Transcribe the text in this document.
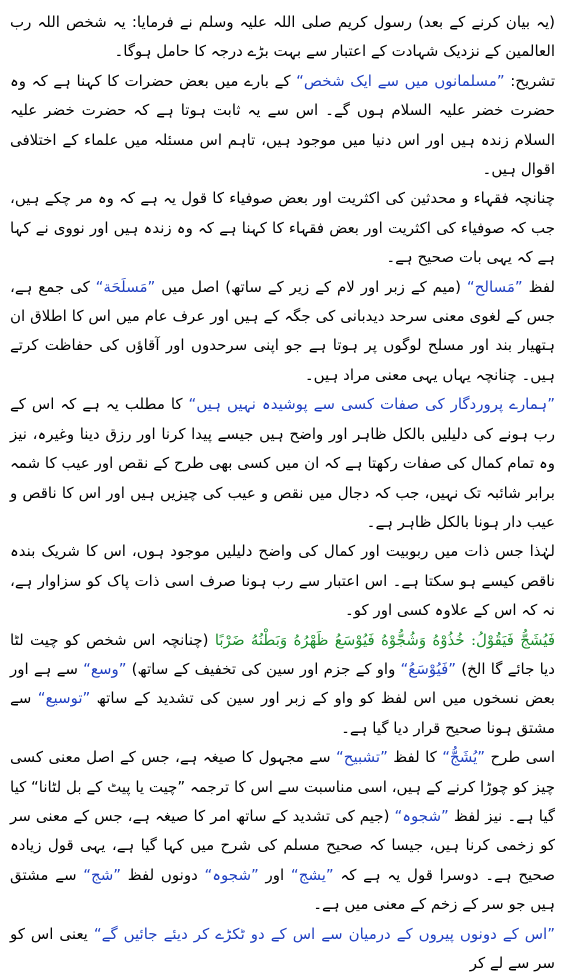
(یہ بیان کرنے کے بعد) رسول کریم صلی اللہ علیہ وسلم نے فرمایا: یہ شخص اللہ رب العالمین کے نزدیک شہادت کے اعتبار سے بہت بڑے درجہ کا حامل ہوگا۔

تشریح: ”مسلمانوں میں سے ایک شخص“ کے بارے میں بعض حضرات کا کہنا ہے کہ وہ حضرت خضر علیہ السلام ہوں گے۔ اس سے یہ ثابت ہوتا ہے کہ حضرت خضر علیہ السلام زندہ ہیں اور اس دنیا میں موجود ہیں، تاہم اس مسئلہ میں علماء کے اختلافی اقوال ہیں۔

چنانچہ فقہاء و محدثین کی اکثریت اور بعض صوفیاء کا قول یہ ہے کہ وہ مر چکے ہیں، جب کہ صوفیاء کی اکثریت اور بعض فقہاء کا کہنا ہے کہ وہ زندہ ہیں اور نووی نے کہا ہے کہ یہی بات صحیح ہے۔

لفظ ”مَسالح“ (میم کے زبر اور لام کے زیر کے ساتھ) اصل میں ”مَسلَحَة“ کی جمع ہے، جس کے لغوی معنی سرحد دیدبانی کی جگہ کے ہیں اور عرف عام میں اس کا اطلاق ان ہتھیار بند اور مسلح لوگوں پر ہوتا ہے جو اپنی سرحدوں اور آقاؤں کی حفاظت کرتے ہیں۔ چنانچہ یہاں یہی معنی مراد ہیں۔

”ہمارے پروردگار کی صفات کسی سے پوشیدہ نہیں ہیں“ کا مطلب یہ ہے کہ اس کے رب ہونے کی دلیلیں بالکل ظاہر اور واضح ہیں جیسے پیدا کرنا اور رزق دینا وغیرہ، نیز وہ تمام کمال کی صفات رکھتا ہے کہ ان میں کسی بھی طرح کے نقص اور عیب کا شمہ برابر شائبہ تک نہیں، جب کہ دجال میں نقص و عیب کی چیزیں ہیں اور اس کا ناقص و عیب دار ہونا بالکل ظاہر ہے۔

لہٰذا جس ذات میں ربوبیت اور کمال کی واضح دلیلیں موجود ہوں، اس کا شریک بندہ ناقص کیسے ہو سکتا ہے۔ اس اعتبار سے رب ہونا صرف اسی ذات پاک کو سزاوار ہے، نہ کہ اس کے علاوہ کسی اور کو۔

فَيُشَجُّ فَيَقُوْلُ: خُذُوْهُ وَشُجُّوْهُ فَيُوْسَعُ ظَهْرُهُ وَبَطْنُهُ ضَرْبًا (چنانچہ اس شخص کو چیت لٹا دیا جائے گا الخ) ”فَيُوْسَعُ“ واو کے جزم اور سین کی تخفیف کے ساتھ) ”وسع“ سے ہے اور بعض نسخوں میں اس لفظ کو واو کے زبر اور سین کی تشدید کے ساتھ ”توسیع“ سے مشتق ہونا صحیح قرار دیا گیا ہے۔

اسی طرح ”يُشَجُّ“ کا لفظ ”تشبیح“ سے مجہول کا صیغہ ہے، جس کے اصل معنی کسی چیز کو چوڑا کرنے کے ہیں، اسی مناسبت سے اس کا ترجمہ ”چیت یا پیٹ کے بل لٹانا“ کیا گیا ہے۔ نیز لفظ ”شجوہ“ (جیم کی تشدید کے ساتھ امر کا صیغہ ہے، جس کے معنی سر کو زخمی کرنا ہیں، جیسا کہ صحیح مسلم کی شرح میں کہا گیا ہے، یہی قول زیادہ صحیح ہے۔ دوسرا قول یہ ہے کہ ”یشج“ اور ”شجوہ“ دونوں لفظ ”شج“ سے مشتق ہیں جو سر کے زخم کے معنی میں ہے۔

”اس کے دونوں پیروں کے درمیان سے اس کے دو ٹکڑے کر دیئے جائیں گے“ یعنی اس کو سر سے لے کر
